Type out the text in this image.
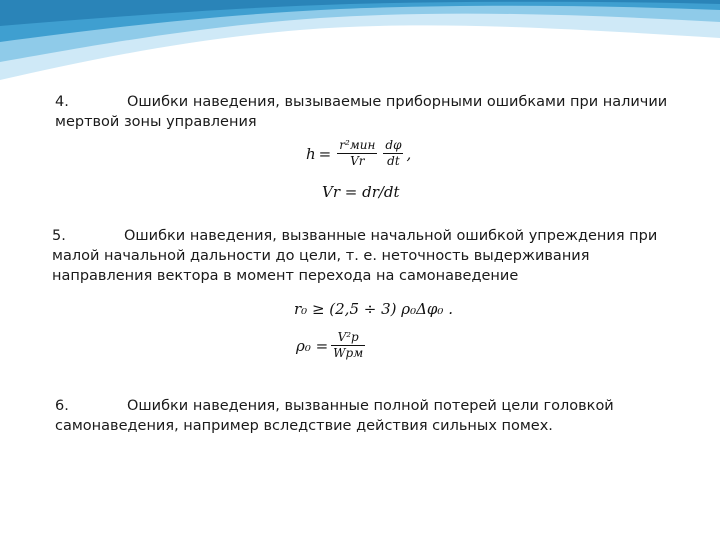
4.	Ошибки наведения, вызываемые приборными ошибками при наличии
мертвой зоны управления
$h = \frac{\text{r²мин}}{Vr} \frac{d\varphi}{dt}$ ,
Vr = dr/dt
5.	Ошибки наведения, вызванные начальной ошибкой упреждения при
малой начальной дальности до цели, т. е. неточность выдерживания
направления вектора в момент перехода на самонаведение
r₀ ≥ (2,5 ÷ 3) ρ₀Δφ₀ .
$\rho_0 = \frac{\text{V²р}}{\text{Wрм}}$
6.	Ошибки наведения, вызванные полной потерей цели головкой
самонаведения, например вследствие действия сильных помех.
